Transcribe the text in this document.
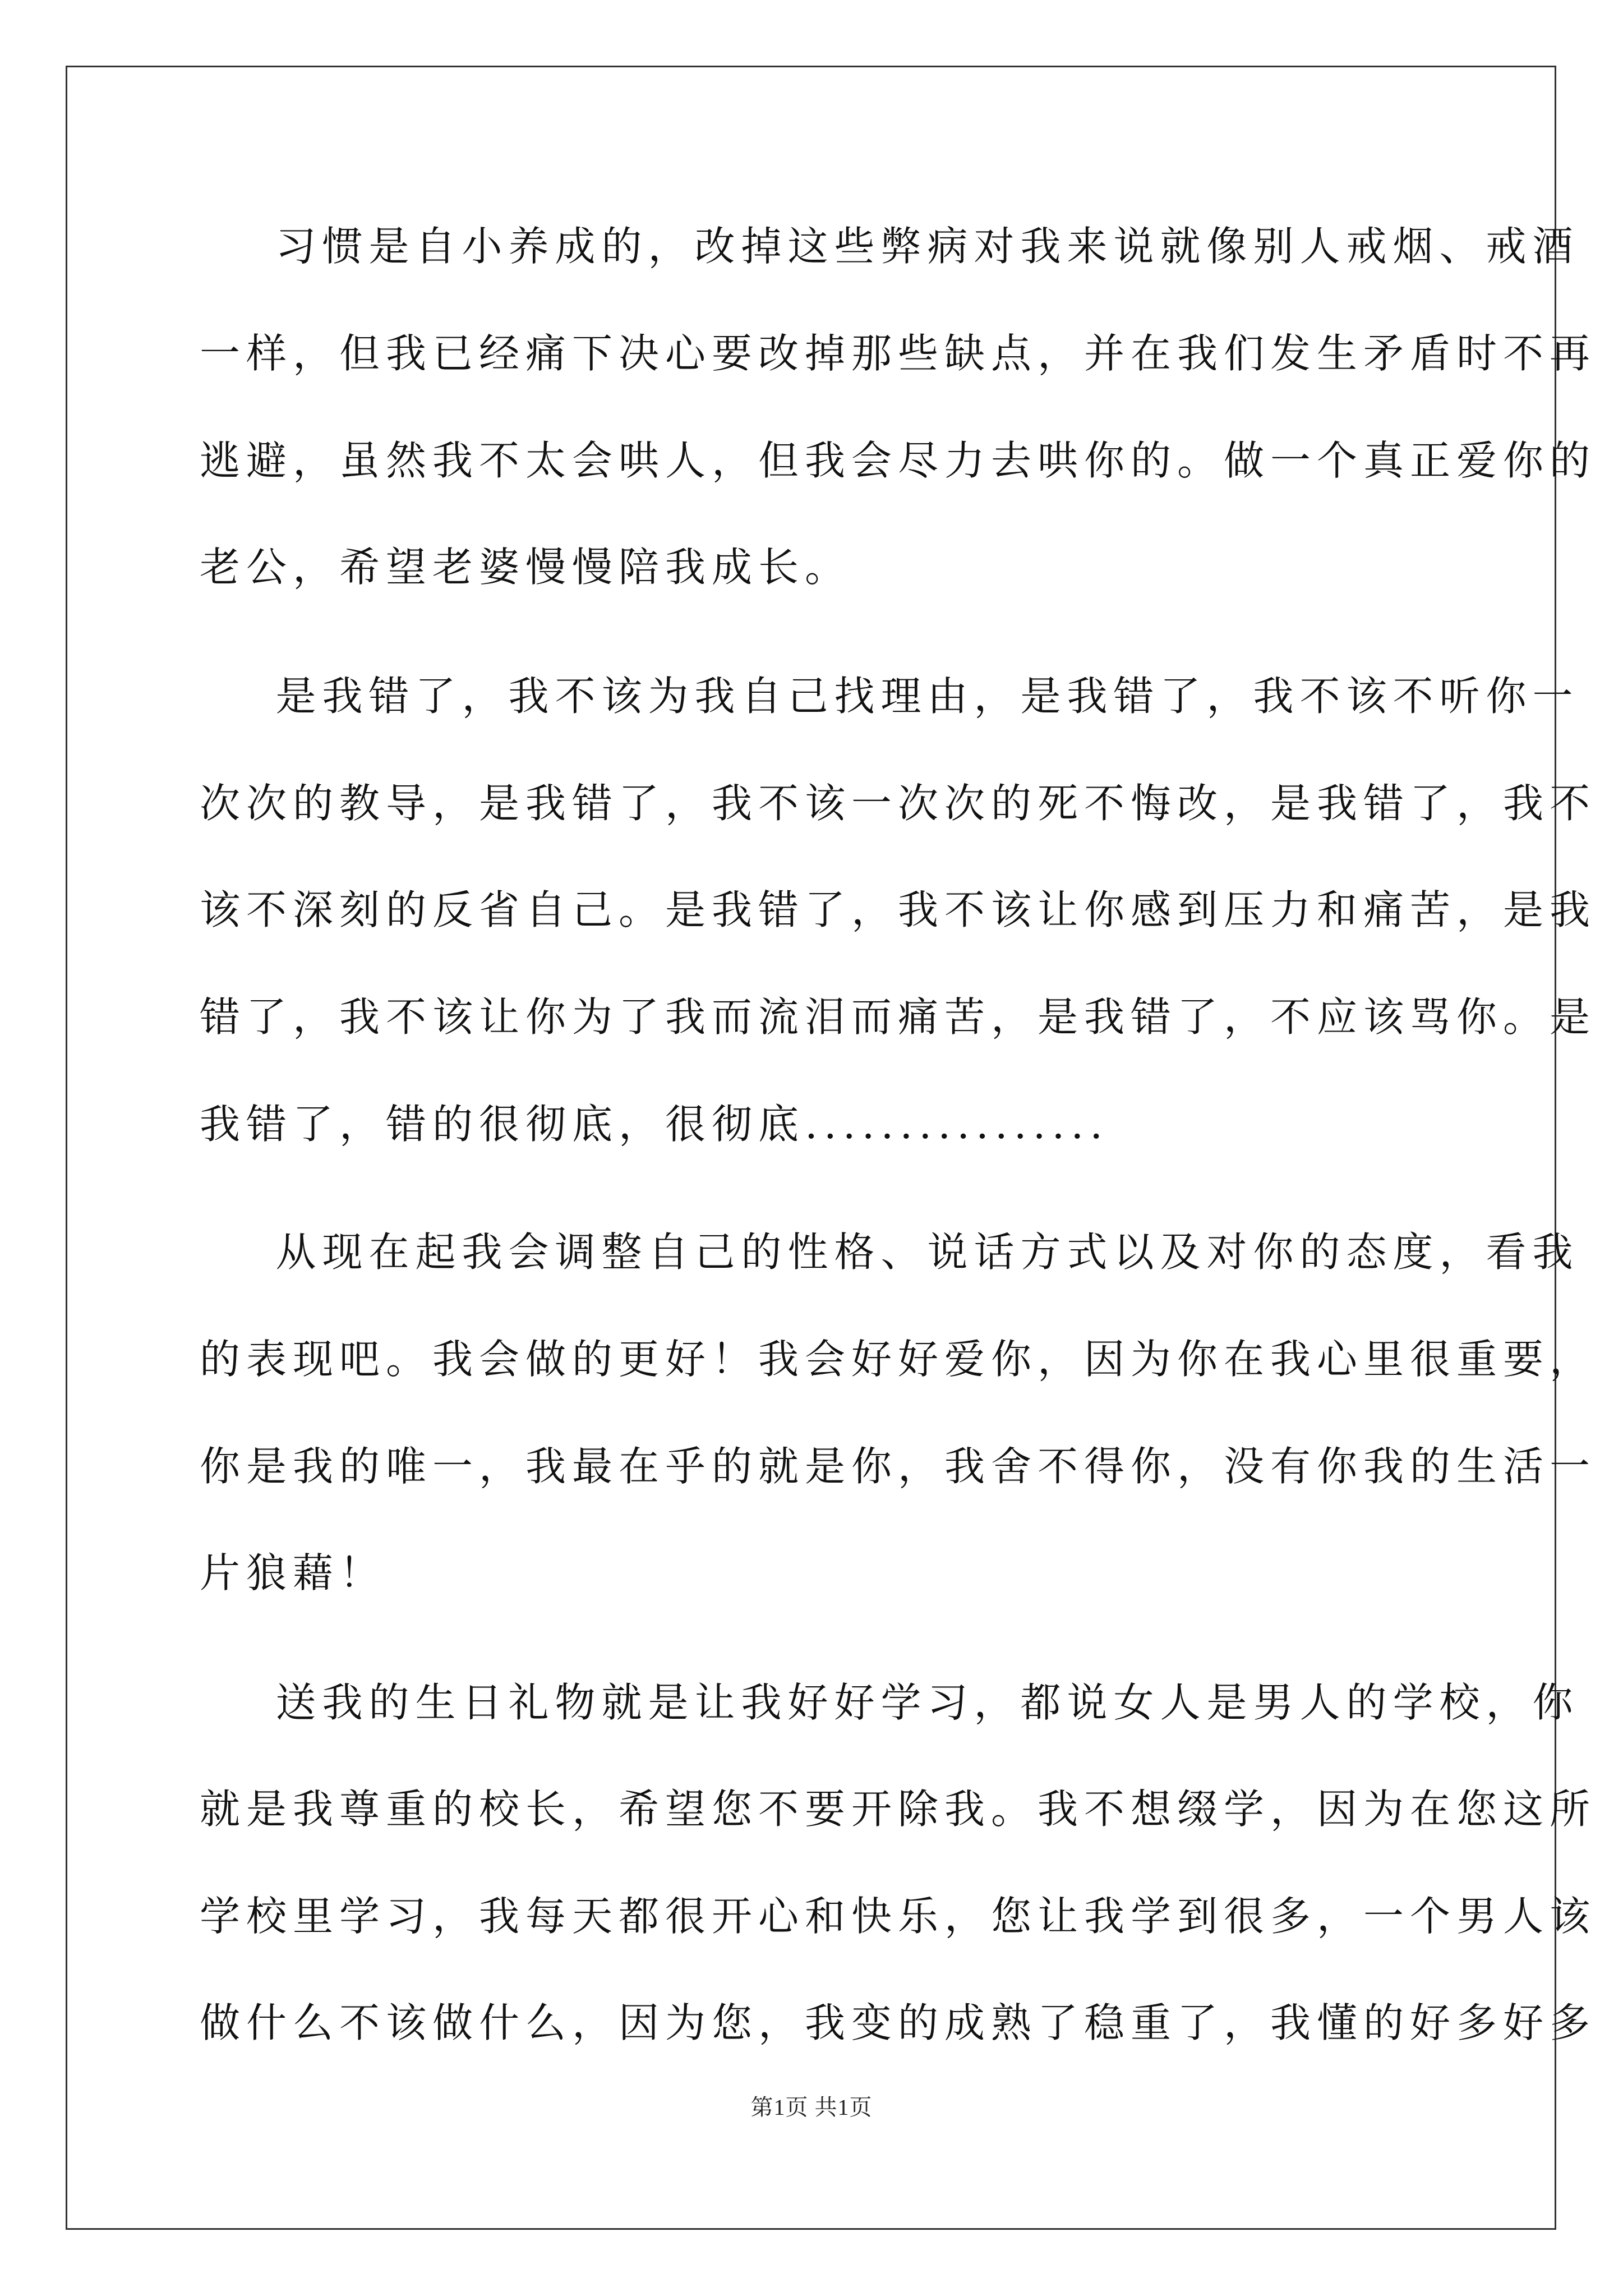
习惯是自小养成的，改掉这些弊病对我来说就像别人戒烟、戒酒
一样，但我已经痛下决心要改掉那些缺点，并在我们发生矛盾时不再
逃避，虽然我不太会哄人，但我会尽力去哄你的。做一个真正爱你的
老公，希望老婆慢慢陪我成长。
是我错了，我不该为我自己找理由，是我错了，我不该不听你一
次次的教导，是我错了，我不该一次次的死不悔改，是我错了，我不
该不深刻的反省自己。是我错了，我不该让你感到压力和痛苦，是我
错了，我不该让你为了我而流泪而痛苦，是我错了，不应该骂你。是
我错了，错的很彻底，很彻底................
从现在起我会调整自己的性格、说话方式以及对你的态度，看我
的表现吧。我会做的更好！我会好好爱你，因为你在我心里很重要，
你是我的唯一，我最在乎的就是你，我舍不得你，没有你我的生活一
片狼藉！
送我的生日礼物就是让我好好学习，都说女人是男人的学校，你
就是我尊重的校长，希望您不要开除我。我不想缀学，因为在您这所
学校里学习，我每天都很开心和快乐，您让我学到很多，一个男人该
做什么不该做什么，因为您，我变的成熟了稳重了，我懂的好多好多
第1页 共1页
